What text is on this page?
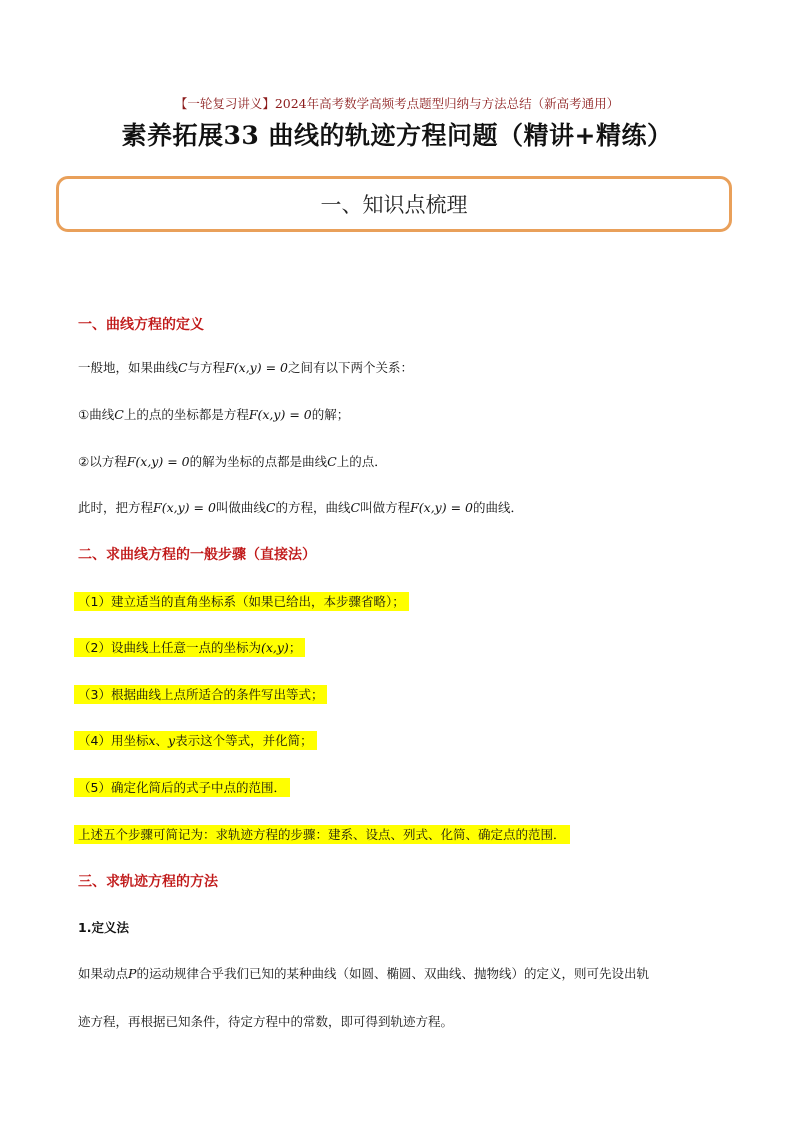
【一轮复习讲义】2024年高考数学高频考点题型归纳与方法总结（新高考通用）
素养拓展33 曲线的轨迹方程问题（精讲+精练）
一、知识点梳理
一、曲线方程的定义
一般地，如果曲线C与方程F(x,y) = 0之间有以下两个关系：
①曲线C上的点的坐标都是方程F(x,y) = 0的解；
②以方程F(x,y) = 0的解为坐标的点都是曲线C上的点．
此时，把方程F(x,y) = 0叫做曲线C的方程，曲线C叫做方程F(x,y) = 0的曲线．
二、求曲线方程的一般步骤（直接法）
（1）建立适当的直角坐标系（如果已给出，本步骤省略）；
（2）设曲线上任意一点的坐标为(x,y)；
（3）根据曲线上点所适合的条件写出等式；
（4）用坐标x、y表示这个等式，并化简；
（5）确定化简后的式子中点的范围．
上述五个步骤可简记为：求轨迹方程的步骤：建系、设点、列式、化简、确定点的范围．
三、求轨迹方程的方法
1.定义法
如果动点P的运动规律合乎我们已知的某种曲线（如圆、椭圆、双曲线、抛物线）的定义，则可先设出轨
迹方程，再根据已知条件，待定方程中的常数，即可得到轨迹方程。
